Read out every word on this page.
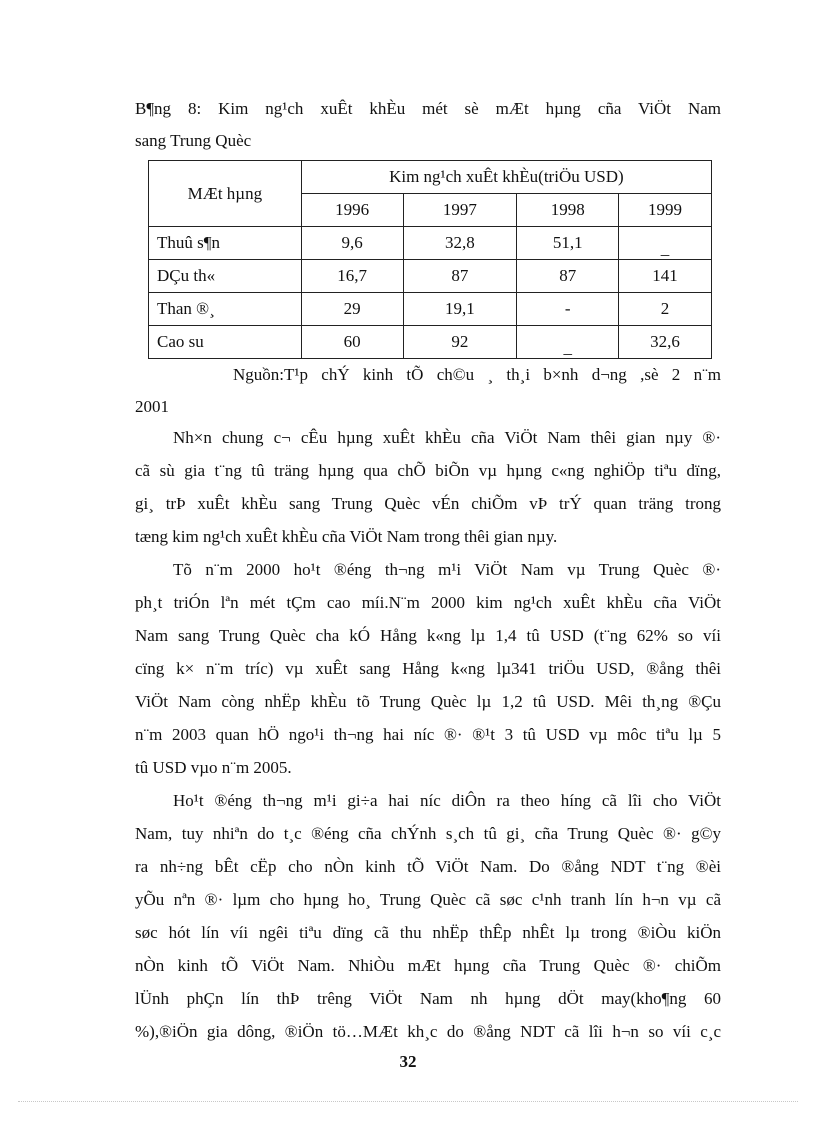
B¶ng 8: Kim ng¹ch xuÊt khÈu mét sè mÆt hµng cña ViÖt Nam
sang Trung Quèc
MÆt hµng	Kim ng¹ch xuÊt khÈu(triÖu USD)			
	1996	1997	1998	1999
Thuû s¶n	9,6	32,8	51,1	_
DÇu th«	16,7	87	87	141
Than ®¸	29	19,1	-	2
Cao su	60	92	_	32,6
Nguồn:T¹p chÝ kinh tÕ ch©u ¸ th¸i b×nh d¬ng ,sè 2 n¨m
2001
Nh×n chung c¬ cÊu hµng xuÊt khÈu cña ViÖt Nam thêi gian nµy ®·
cã sù gia t¨ng tû träng hµng qua chÕ biÕn vµ hµng c«ng nghiÖp tiªu dïng,
gi¸ trÞ xuÊt khÈu sang Trung Quèc vÉn chiÕm vÞ trÝ quan träng trong
tæng kim ng¹ch xuÊt khÈu cña ViÖt Nam trong thêi gian nµy.
Tõ n¨m 2000 ho¹t ®éng th¬ng m¹i ViÖt Nam vµ Trung Quèc ®·
ph¸t triÓn lªn mét tÇm cao míi.N¨m 2000 kim ng¹ch xuÊt khÈu cña ViÖt
Nam sang Trung Quèc cha kÓ Hång k«ng lµ 1,4 tû USD (t¨ng 62% so víi
cïng k× n¨m tríc) vµ xuÊt sang Hång k«ng lµ341 triÖu USD, ®ång thêi
ViÖt Nam còng nhËp khÈu tõ Trung Quèc lµ 1,2 tû USD. Mêi th¸ng ®Çu
n¨m 2003 quan hÖ ngo¹i th¬ng hai níc ®· ®¹t 3 tû USD vµ môc tiªu lµ 5
tû USD vµo n¨m 2005.
Ho¹t ®éng th¬ng m¹i gi÷a hai níc diÔn ra theo híng cã lîi cho ViÖt
Nam, tuy nhiªn do t¸c ®éng cña chÝnh s¸ch tû gi¸ cña Trung Quèc ®· g©y
ra nh÷ng bÊt cËp cho nÒn kinh tÕ ViÖt Nam. Do ®ång NDT t¨ng ®èi
yÕu nªn ®· lµm cho hµng ho¸ Trung Quèc cã søc c¹nh tranh lín h¬n vµ cã
søc hót lín víi ngêi tiªu dïng cã thu nhËp thÊp nhÊt lµ trong ®iÒu kiÖn
nÒn kinh tÕ ViÖt Nam. NhiÒu mÆt hµng cña Trung Quèc ®· chiÕm
lÜnh phÇn lín thÞ trêng ViÖt Nam nh hµng dÖt may(kho¶ng 60
%),®iÖn gia dông, ®iÖn tö…MÆt kh¸c do ®ång NDT cã lîi h¬n so víi c¸c
32
